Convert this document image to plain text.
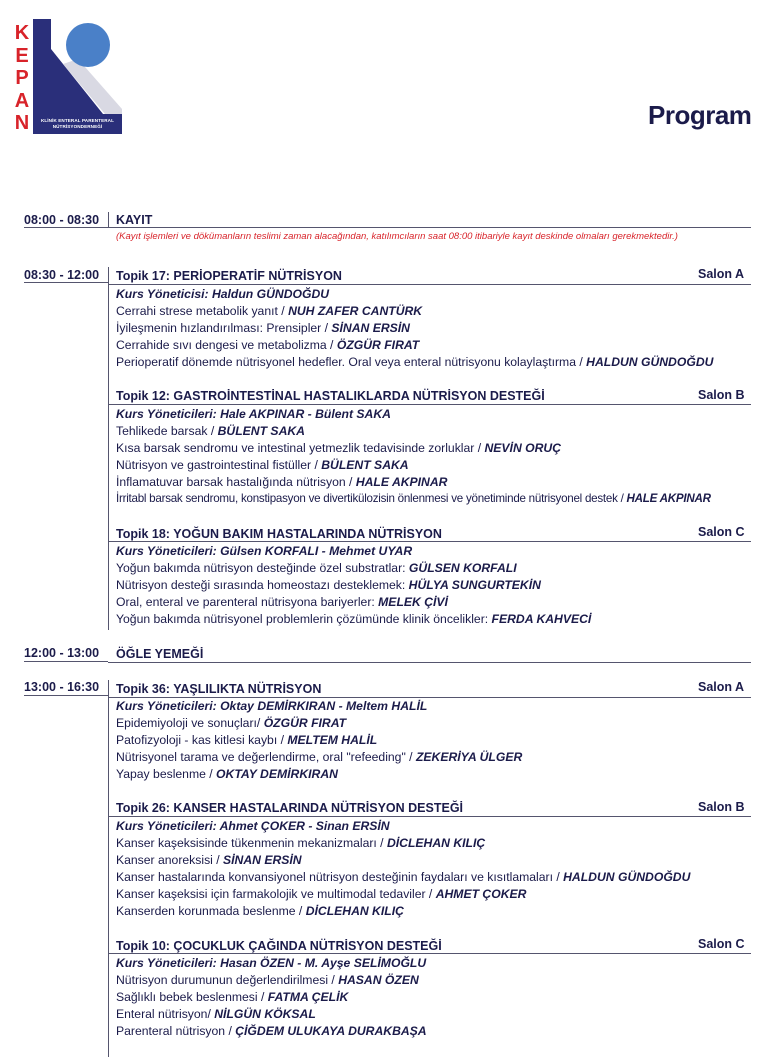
K
E
P
A
N	KLİNİK ENTERAL PARENTERAL
NÜTRİSYONDERNEĞİ	Program
08:00 - 08:30 KAYIT
(Kayıt işlemleri ve dökümanların teslimi zaman alacağından, katılımcıların saat 08:00 itibariyle kayıt deskinde olmaları gerekmektedir.)
08:30 - 12:00 Topik 17: PERİOPERATİF NÜTRİSYON	Salon A
Kurs Yöneticisi: Haldun GÜNDOĞDU
Cerrahi strese metabolik yanıt / NUH ZAFER CANTÜRK
İyileşmenin hızlandırılması: Prensipler / SİNAN ERSİN
Cerrahide sıvı dengesi ve metabolizma / ÖZGÜR FIRAT
Perioperatif dönemde nütrisyonel hedefler. Oral veya enteral nütrisyonu kolaylaştırma / HALDUN GÜNDOĞDU
Topik 12: GASTROİNTESTİNAL HASTALIKLARDA NÜTRİSYON DESTEĞİ	Salon B
Kurs Yöneticileri: Hale AKPINAR - Bülent SAKA
Tehlikede barsak / BÜLENT SAKA
Kısa barsak sendromu ve intestinal yetmezlik tedavisinde zorluklar / NEVİN ORUÇ
Nütrisyon ve gastrointestinal fistüller / BÜLENT SAKA
İnflamatuvar barsak hastalığında nütrisyon / HALE AKPINAR
İrritabl barsak sendromu, konstipasyon ve divertikülozisin önlenmesi ve yönetiminde nütrisyonel destek / HALE AKPINAR
Topik 18: YOĞUN BAKIM HASTALARINDA NÜTRİSYON	Salon C
Kurs Yöneticileri: Gülsen KORFALI - Mehmet UYAR
Yoğun bakımda nütrisyon desteğinde özel substratlar: GÜLSEN KORFALI
Nütrisyon desteği sırasında homeostazı desteklemek: HÜLYA SUNGURTEKİN
Oral, enteral ve parenteral nütrisyona bariyerler: MELEK ÇİVİ
Yoğun bakımda nütrisyonel problemlerin çözümünde klinik öncelikler: FERDA KAHVECİ
12:00 - 13:00 ÖĞLE YEMEĞİ
13:00 - 16:30 Topik 36: YAŞLILIKTA NÜTRİSYON	Salon A
Kurs Yöneticileri: Oktay DEMİRKIRAN - Meltem HALİL
Epidemiyoloji ve sonuçları/ ÖZGÜR FIRAT
Patofizyoloji - kas kitlesi kaybı / MELTEM HALİL
Nütrisyonel tarama ve değerlendirme, oral "refeeding" / ZEKERİYA ÜLGER
Yapay beslenme / OKTAY DEMİRKIRAN
Topik 26: KANSER HASTALARINDA NÜTRİSYON DESTEĞİ	Salon B
Kurs Yöneticileri: Ahmet ÇOKER - Sinan ERSİN
Kanser kaşeksisinde tükenmenin mekanizmaları / DİCLEHAN KILIÇ
Kanser anoreksisi / SİNAN ERSİN
Kanser hastalarında konvansiyonel nütrisyon desteğinin faydaları ve kısıtlamaları / HALDUN GÜNDOĞDU
Kanser kaşeksisi için farmakolojik ve multimodal tedaviler / AHMET ÇOKER
Kanserden korunmada beslenme / DİCLEHAN KILIÇ
Topik 10: ÇOCUKLUK ÇAĞINDA NÜTRİSYON DESTEĞİ	Salon C
Kurs Yöneticileri: Hasan ÖZEN - M. Ayşe SELİMOĞLU
Nütrisyon durumunun değerlendirilmesi / HASAN ÖZEN
Sağlıklı bebek beslenmesi / FATMA ÇELİK
Enteral nütrisyon/ NİLGÜN KÖKSAL
Parenteral nütrisyon / ÇİĞDEM ULUKAYA DURAKBAŞA
